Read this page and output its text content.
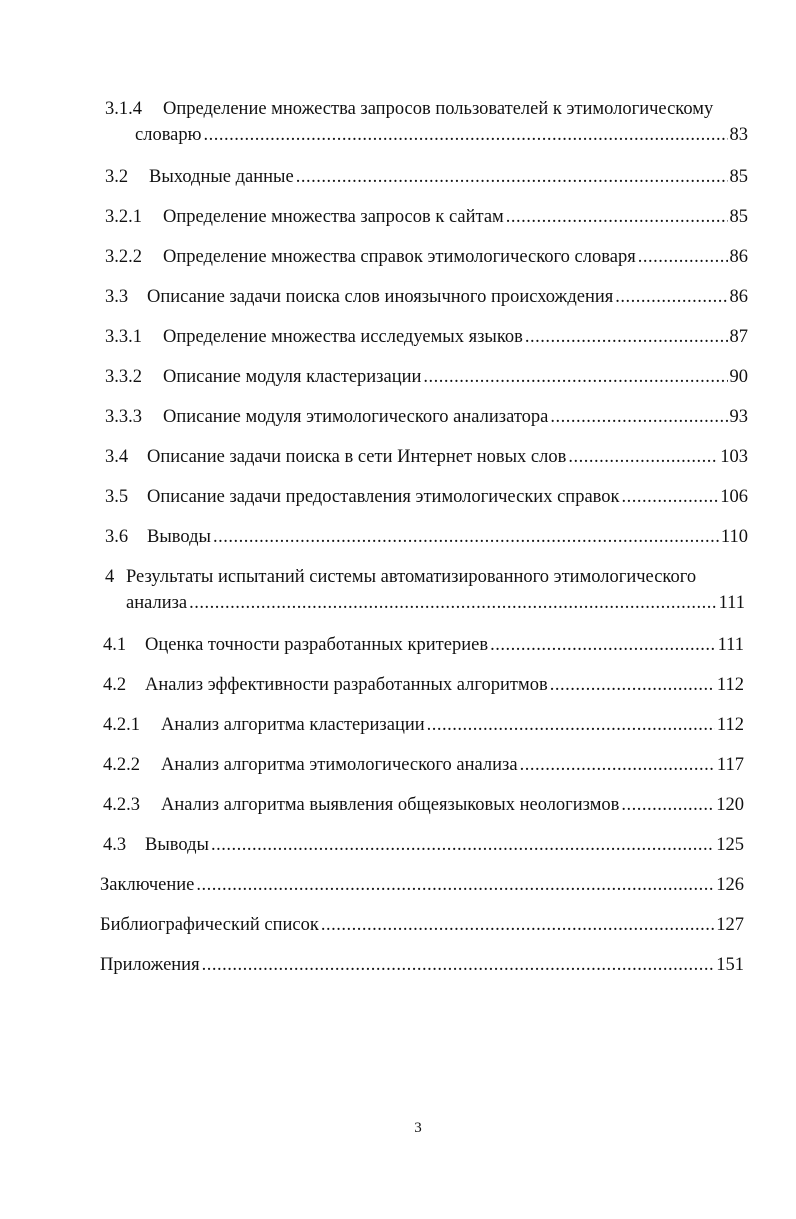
3.1.4 Определение множества запросов пользователей к этимологическому
словарю .....	83
3.2	Выходные данные .....	85
3.2.1	Определение множества запросов к сайтам .....	85
3.2.2	Определение множества справок этимологического словаря .....	86
3.3	Описание задачи поиска слов иноязычного происхождения .....	86
3.3.1	Определение множества исследуемых языков .....	87
3.3.2	Описание модуля кластеризации .....	90
3.3.3	Описание модуля этимологического анализатора .....	93
3.4	Описание задачи поиска в сети Интернет новых слов .....	103
3.5	Описание задачи предоставления этимологических справок .....	106
3.6	Выводы .....	110
4 Результаты испытаний системы автоматизированного этимологического
анализа .....	111
4.1	Оценка точности разработанных критериев .....	111
4.2	Анализ эффективности разработанных алгоритмов .....	112
4.2.1	Анализ алгоритма кластеризации .....	112
4.2.2	Анализ алгоритма этимологического анализа .....	117
4.2.3	Анализ алгоритма выявления общеязыковых неологизмов .....	120
4.3	Выводы .....	125
Заключение .....	126
Библиографический список .....	127
Приложения .....	151
3
